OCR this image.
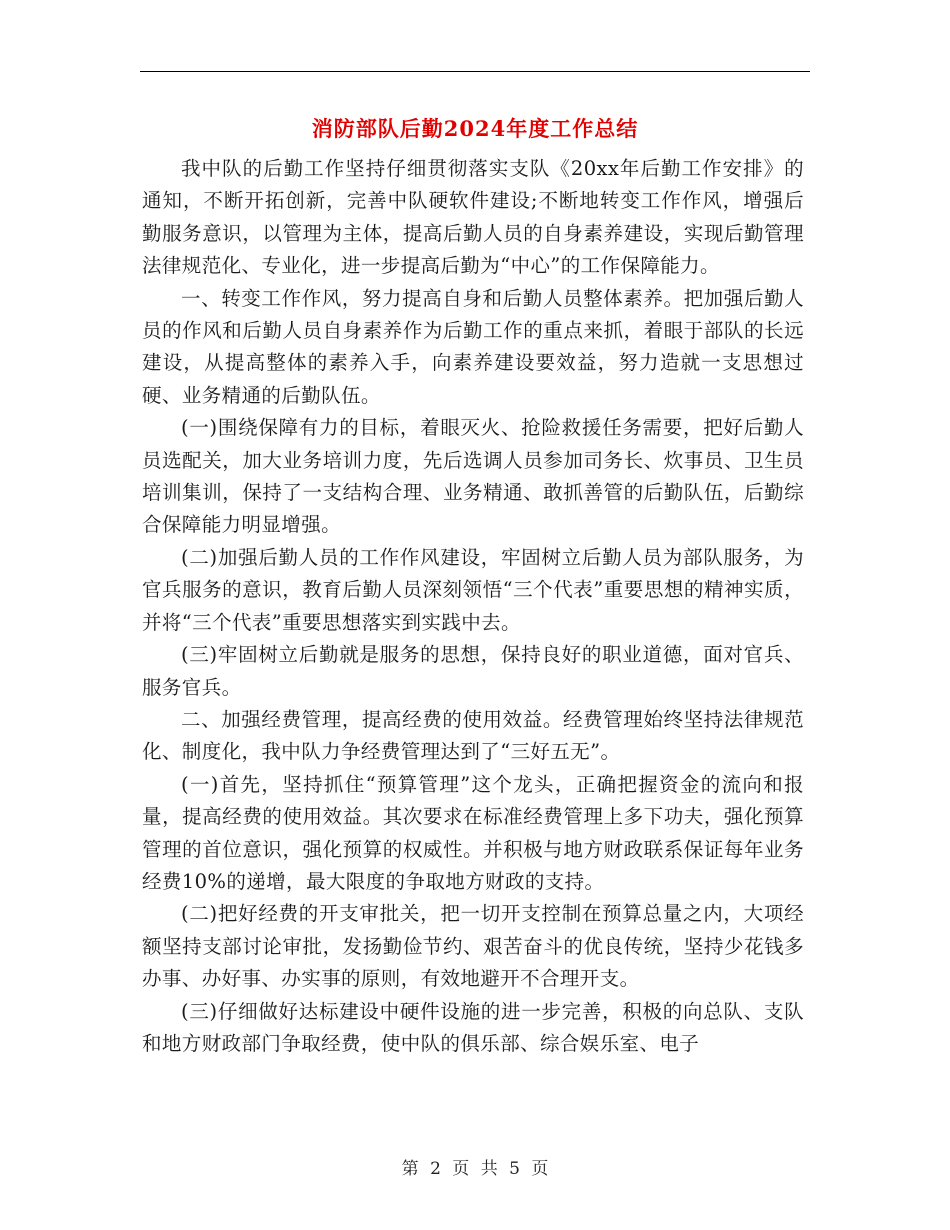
消防部队后勤2024年度工作总结

我中队的后勤工作坚持仔细贯彻落实支队《20xx年后勤工作安排》的通知，不断开拓创新，完善中队硬软件建设;不断地转变工作作风，增强后勤服务意识，以管理为主体，提高后勤人员的自身素养建设，实现后勤管理法律规范化、专业化，进一步提高后勤为“中心”的工作保障能力。

一、转变工作作风，努力提高自身和后勤人员整体素养。把加强后勤人员的作风和后勤人员自身素养作为后勤工作的重点来抓，着眼于部队的长远建设，从提高整体的素养入手，向素养建设要效益，努力造就一支思想过硬、业务精通的后勤队伍。

(一)围绕保障有力的目标，着眼灭火、抢险救援任务需要，把好后勤人员选配关，加大业务培训力度，先后选调人员参加司务长、炊事员、卫生员培训集训，保持了一支结构合理、业务精通、敢抓善管的后勤队伍，后勤综合保障能力明显增强。

(二)加强后勤人员的工作作风建设，牢固树立后勤人员为部队服务，为官兵服务的意识，教育后勤人员深刻领悟“三个代表”重要思想的精神实质，并将“三个代表”重要思想落实到实践中去。

(三)牢固树立后勤就是服务的思想，保持良好的职业道德，面对官兵、服务官兵。

二、加强经费管理，提高经费的使用效益。经费管理始终坚持法律规范化、制度化，我中队力争经费管理达到了“三好五无”。

(一)首先，坚持抓住“预算管理”这个龙头，正确把握资金的流向和报量，提高经费的使用效益。其次要求在标准经费管理上多下功夫，强化预算管理的首位意识，强化预算的权威性。并积极与地方财政联系保证每年业务经费10%的递增，最大限度的争取地方财政的支持。

(二)把好经费的开支审批关，把一切开支控制在预算总量之内，大项经额坚持支部讨论审批，发扬勤俭节约、艰苦奋斗的优良传统，坚持少花钱多办事、办好事、办实事的原则，有效地避开不合理开支。

(三)仔细做好达标建设中硬件设施的进一步完善，积极的向总队、支队和地方财政部门争取经费，使中队的俱乐部、综合娱乐室、电子

第 2 页 共 5 页
